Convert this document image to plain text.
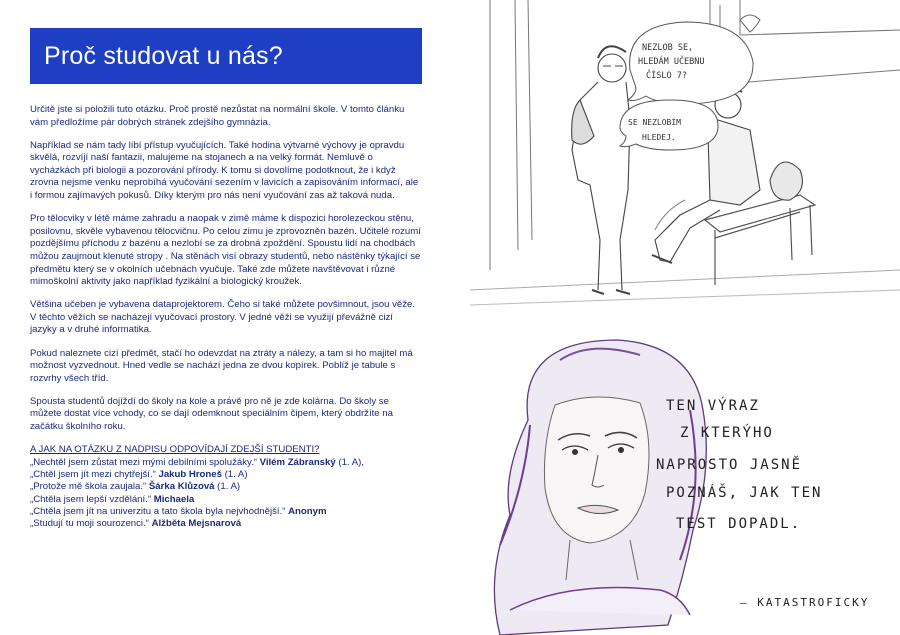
Proč studovat u nás?

Určitě jste si položili tuto otázku. Proč prostě nezůstat na normální škole. V tomto článku vám předložíme pár dobrých stránek zdejšího gymnázia.

Například se nám tady líbí přístup vyučujících. Také hodina výtvarné výchovy je opravdu skvělá, rozvíjí naší fantazii, malujeme na stojanech a na velký formát. Nemluvě o vycházkách při biologii a pozorování přírody. K tomu si dovolíme podotknout, že i když zrovna nejsme venku neprobíhá vyučování sezením v lavicích a zapisováním informací, ale i formou zajímavých pokusů. Díky kterým pro nás není vyučování zas až taková nuda.

Pro tělocviky v létě máme zahradu a naopak v zimě máme k dispozici horolezeckou stěnu, posilovnu, skvěle vybavenou tělocvičnu. Po celou zimu je zprovozněn bazén. Učitelé rozumí pozdějšímu příchodu z bazénu a nezlobí se za drobná zpoždění. Spoustu lidí na chodbách můžou zaujmout klenuté stropy . Na stěnách visí obrazy studentů, nebo nástěnky týkající se předmětu který se v okolních učebnách vyučuje. Také zde můžete navštěvovat i různé mimoškolní aktivity jako například fyzikální a biologický kroužek.

Většina učeben je vybavena dataprojektorem. Čeho si také můžete povšimnout, jsou věže. V těchto věžích se nacházejí vyučovací prostory. V jedné věži se využijí převážně cizí jazyky a v druhé informatika.

Pokud naleznete cizí předmět, stačí ho odevzdat na ztráty a nálezy, a tam si ho majitel má možnost vyzvednout. Hned vedle se nachází jedna ze dvou kopírek. Poblíž je tabule s rozvrhy všech tříd.

Spousta studentů dojíždí do školy na kole a právě pro ně je zde kolárna. Do školy se můžete dostat více vchody, co se dají odemknout speciálním čipem, který obdržíte na začátku školního roku.

A JAK NA OTÁZKU Z NADPISU ODPOVÍDAJÍ ZDEJŠÍ STUDENTI?
„Nechtěl jsem zůstat mezi mými debilními spolužáky.“ Vilém Zábranský (1. A),
„Chtěl jsem jít mezi chytřejší.“ Jakub Hroneš (1. A)
„Protože mě škola zaujala.“ Šárka Klůzová (1. A)
„Chtěla jsem lepší vzdělání.“ Michaela
„Chtěla jsem jít na univerzitu a tato škola byla nejvhodnější.“ Anonym
„Studují tu moji sourozenci.“ Alžběta Mejsnarová
NEZLOB SE,
HLEDÁM UČEBNU
ČÍSLO 7?
SE NEZLOBÍM
HLEDEJ.
TEN VÝRAZ
Z KTERÝHO
NAPROSTO JASNĚ
POZNÁŠ, JAK TEN
TEST DOPADL.
– KATASTROFICKY
